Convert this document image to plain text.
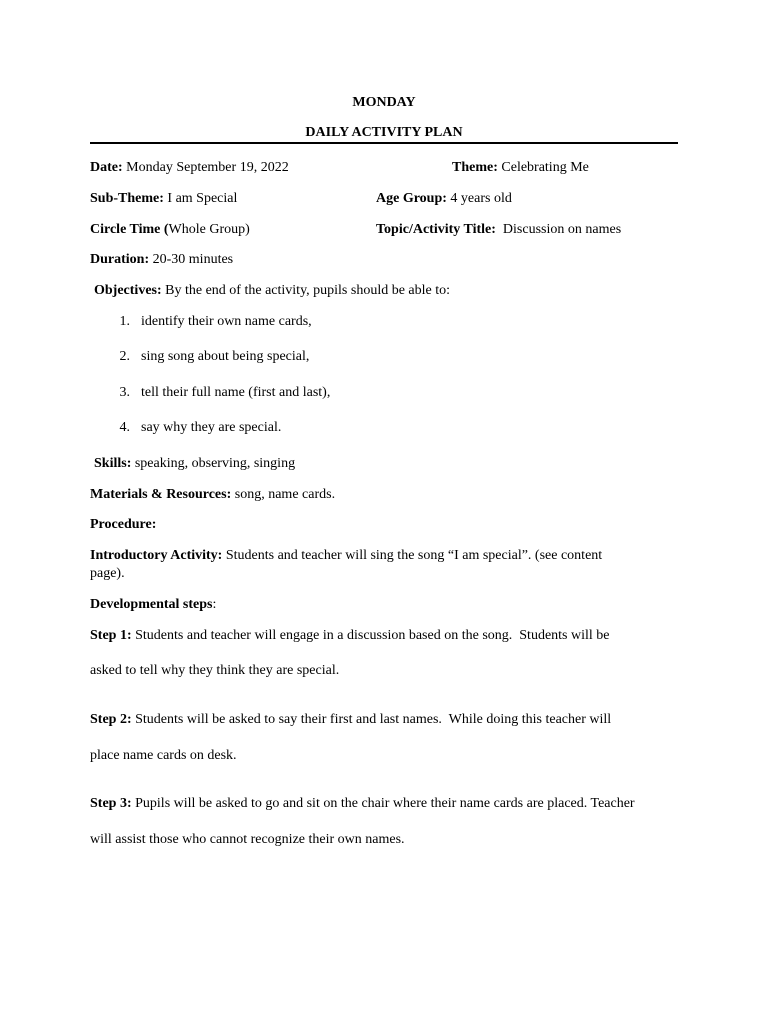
MONDAY
DAILY ACTIVITY PLAN
Date: Monday September 19, 2022	Theme: Celebrating Me
Sub-Theme: I am Special	Age Group: 4 years old
Circle Time (Whole Group)	Topic/Activity Title:  Discussion on names
Duration: 20-30 minutes
Objectives: By the end of the activity, pupils should be able to:
1. identify their own name cards,
2. sing song about being special,
3. tell their full name (first and last),
4. say why they are special.
Skills: speaking, observing, singing
Materials & Resources: song, name cards.
Procedure:
Introductory Activity: Students and teacher will sing the song “I am special”. (see content
page).
Developmental steps:
Step 1: Students and teacher will engage in a discussion based on the song.  Students will be
asked to tell why they think they are special.
Step 2: Students will be asked to say their first and last names.  While doing this teacher will
place name cards on desk.
Step 3: Pupils will be asked to go and sit on the chair where their name cards are placed. Teacher
will assist those who cannot recognize their own names.
